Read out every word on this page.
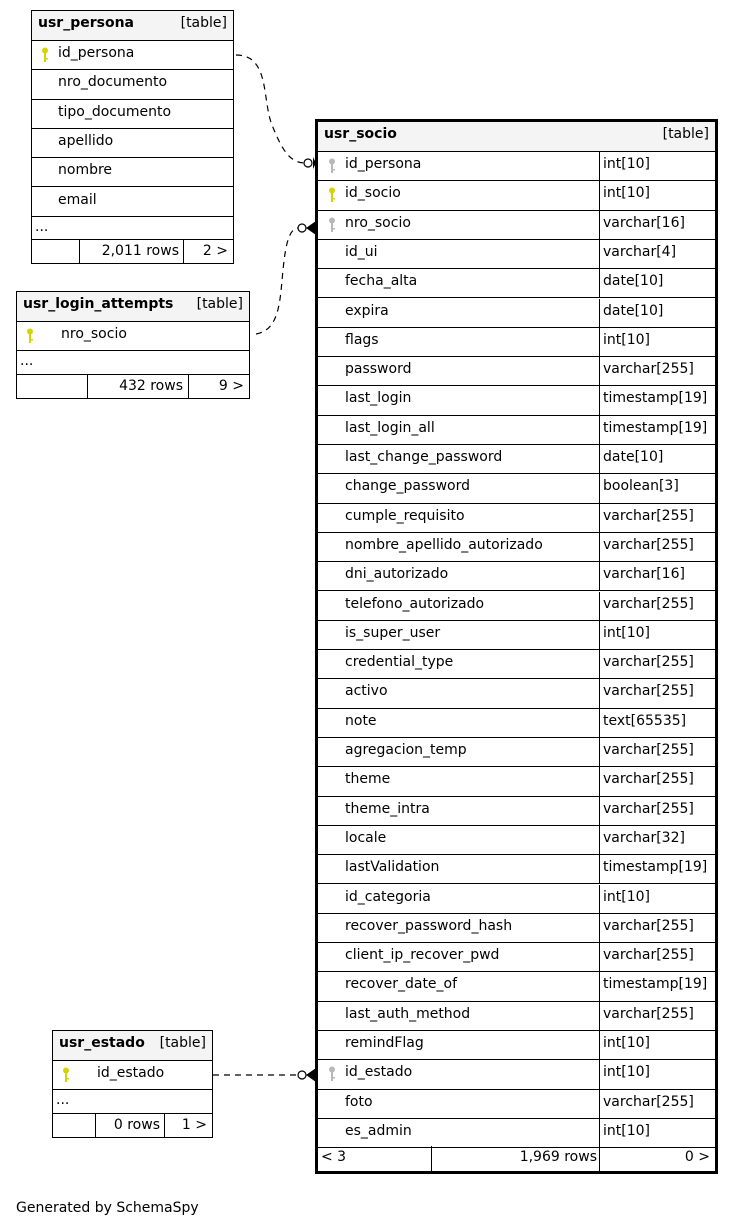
usr_persona	[table]
id_persona
nro_documento
tipo_documento
apellido
nombre
email
...
2,011 rows 2 >
usr_login_attempts [table]
nro_socio
...
432 rows	9 >
usr_estado [table]
id_estado
...
0 rows 1 >
usr_socio	[table]
id_persona	int[10]
id_socio	int[10]
nro_socio	varchar[16]
id_ui	varchar[4]
fecha_alta	date[10]
expira	date[10]
flags	int[10]
password	varchar[255]
last_login	timestamp[19]
last_login_all	timestamp[19]
last_change_password	date[10]
change_password	boolean[3]
cumple_requisito	varchar[255]
nombre_apellido_autorizado	varchar[255]
dni_autorizado	varchar[16]
telefono_autorizado	varchar[255]
is_super_user	int[10]
credential_type	varchar[255]
activo	varchar[255]
note	text[65535]
agregacion_temp	varchar[255]
theme	varchar[255]
theme_intra	varchar[255]
locale	varchar[32]
lastValidation	timestamp[19]
id_categoria	int[10]
recover_password_hash	varchar[255]
client_ip_recover_pwd	varchar[255]
recover_date_of	timestamp[19]
last_auth_method	varchar[255]
remindFlag	int[10]
id_estado	int[10]
foto	varchar[255]
es_admin	int[10]
< 3	1,969 rows	0 >
Generated by SchemaSpy
